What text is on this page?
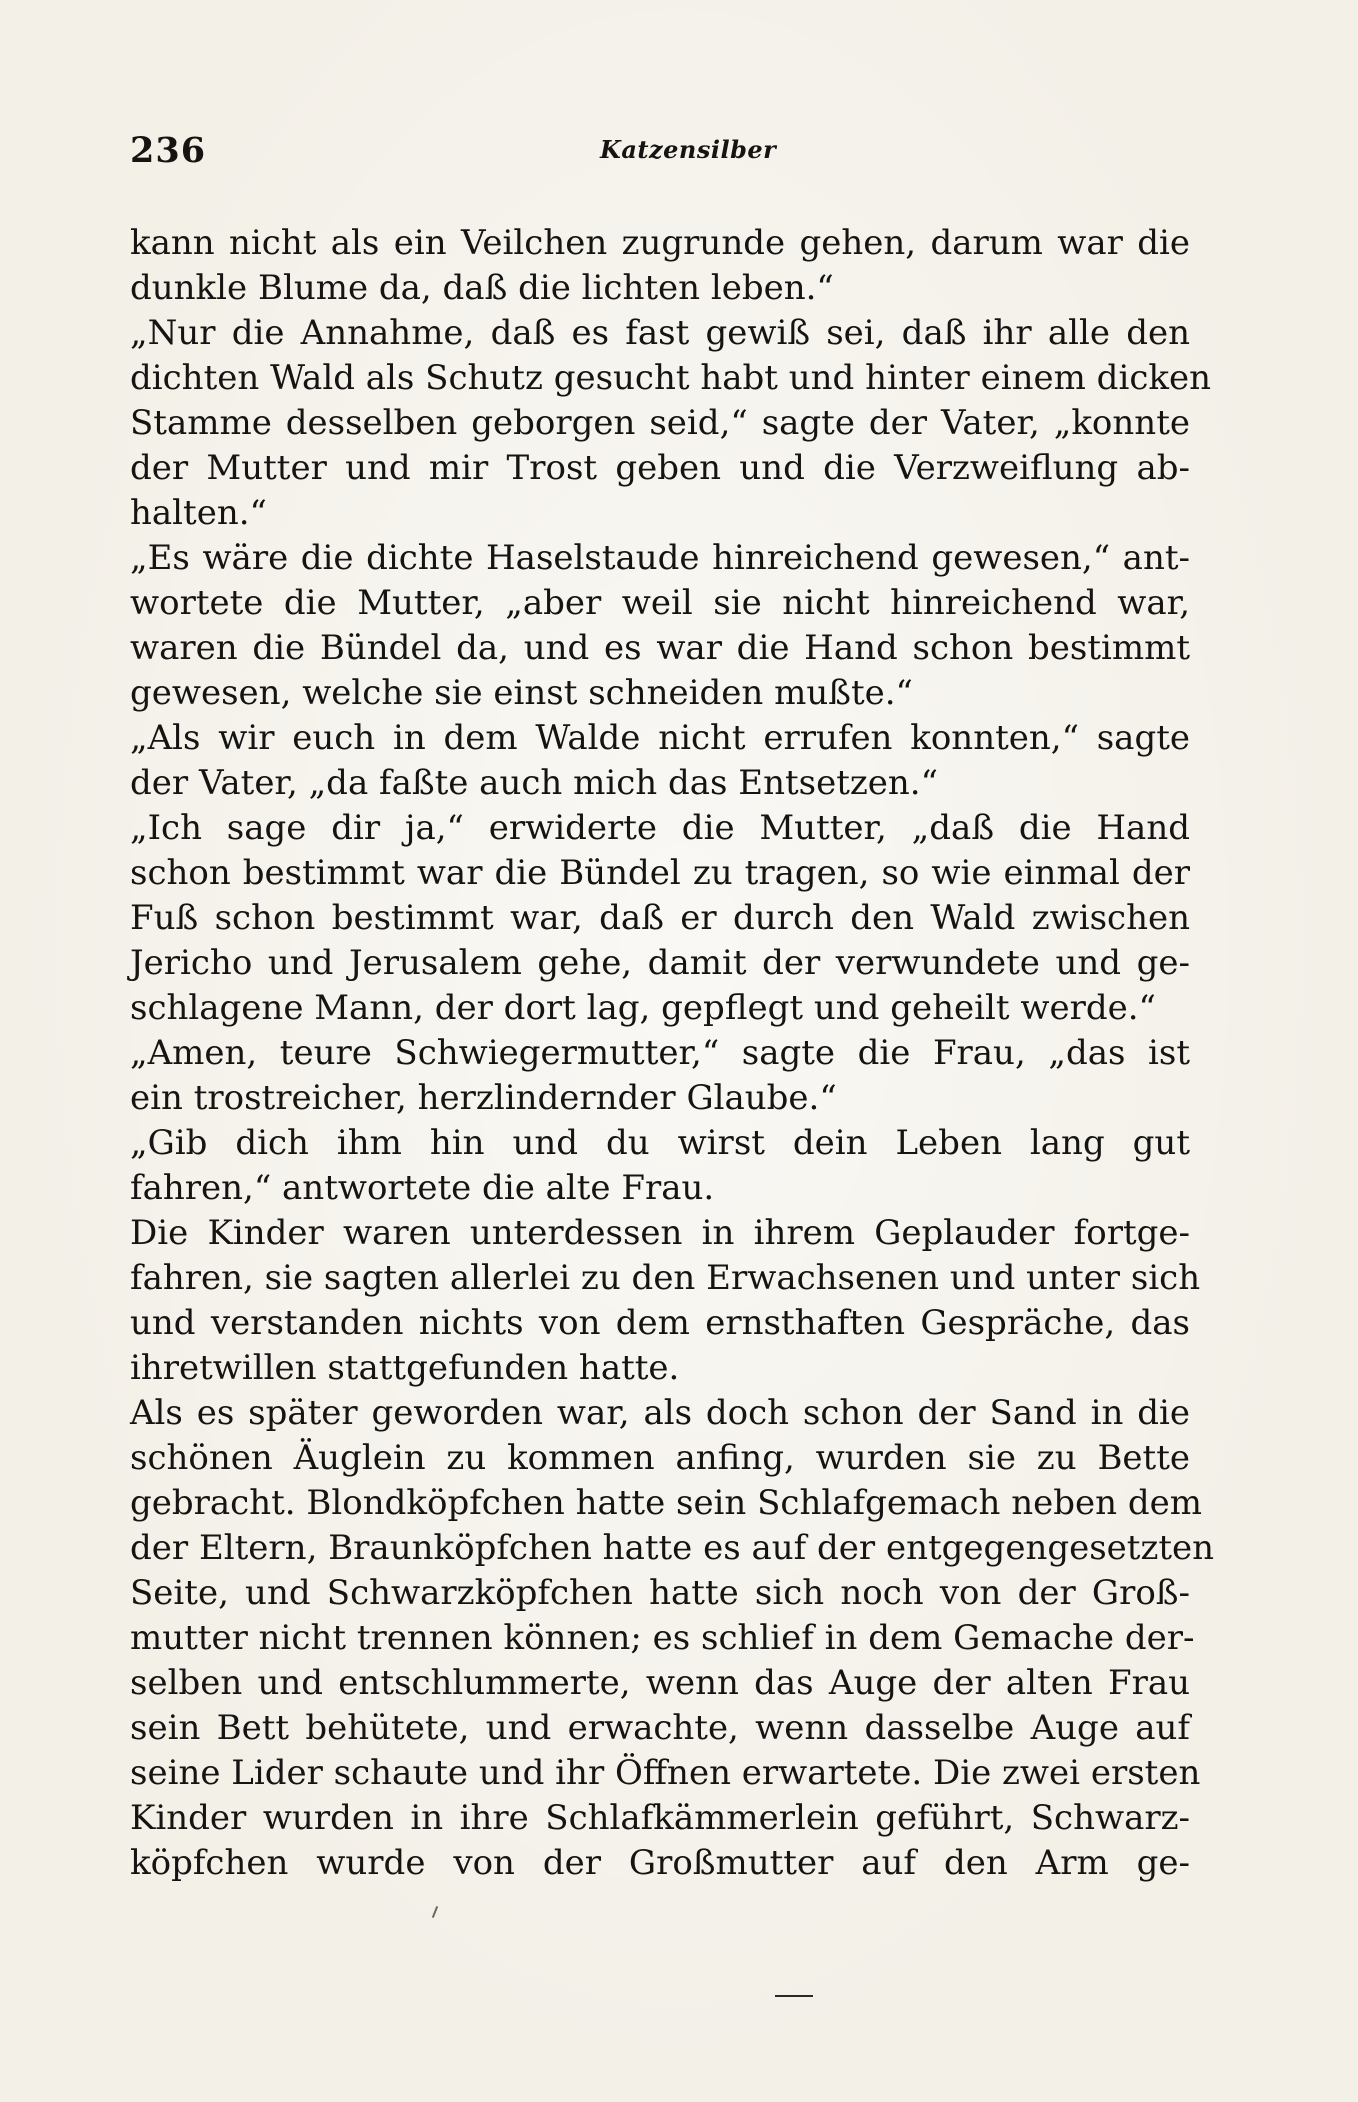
236	Katzensilber
kann nicht als ein Veilchen zugrunde gehen, darum war die
dunkle Blume da, daß die lichten leben.“
„Nur die Annahme, daß es fast gewiß sei, daß ihr alle den
dichten Wald als Schutz gesucht habt und hinter einem dicken
Stamme desselben geborgen seid,“ sagte der Vater, „konnte
der Mutter und mir Trost geben und die Verzweiflung ab-
halten.“
„Es wäre die dichte Haselstaude hinreichend gewesen,“ ant-
wortete die Mutter, „aber weil sie nicht hinreichend war,
waren die Bündel da, und es war die Hand schon bestimmt
gewesen, welche sie einst schneiden mußte.“
„Als wir euch in dem Walde nicht errufen konnten,“ sagte
der Vater, „da faßte auch mich das Entsetzen.“
„Ich sage dir ja,“ erwiderte die Mutter, „daß die Hand
schon bestimmt war die Bündel zu tragen, so wie einmal der
Fuß schon bestimmt war, daß er durch den Wald zwischen
Jericho und Jerusalem gehe, damit der verwundete und ge-
schlagene Mann, der dort lag, gepflegt und geheilt werde.“
„Amen, teure Schwiegermutter,“ sagte die Frau, „das ist
ein trostreicher, herzlindernder Glaube.“
„Gib dich ihm hin und du wirst dein Leben lang gut
fahren,“ antwortete die alte Frau.
Die Kinder waren unterdessen in ihrem Geplauder fortge-
fahren, sie sagten allerlei zu den Erwachsenen und unter sich
und verstanden nichts von dem ernsthaften Gespräche, das
ihretwillen stattgefunden hatte.
Als es später geworden war, als doch schon der Sand in die
schönen Äuglein zu kommen anfing, wurden sie zu Bette
gebracht. Blondköpfchen hatte sein Schlafgemach neben dem
der Eltern, Braunköpfchen hatte es auf der entgegengesetzten
Seite, und Schwarzköpfchen hatte sich noch von der Groß-
mutter nicht trennen können; es schlief in dem Gemache der-
selben und entschlummerte, wenn das Auge der alten Frau
sein Bett behütete, und erwachte, wenn dasselbe Auge auf
seine Lider schaute und ihr Öffnen erwartete. Die zwei ersten
Kinder wurden in ihre Schlafkämmerlein geführt, Schwarz-
köpfchen wurde von der Großmutter auf den Arm ge-
